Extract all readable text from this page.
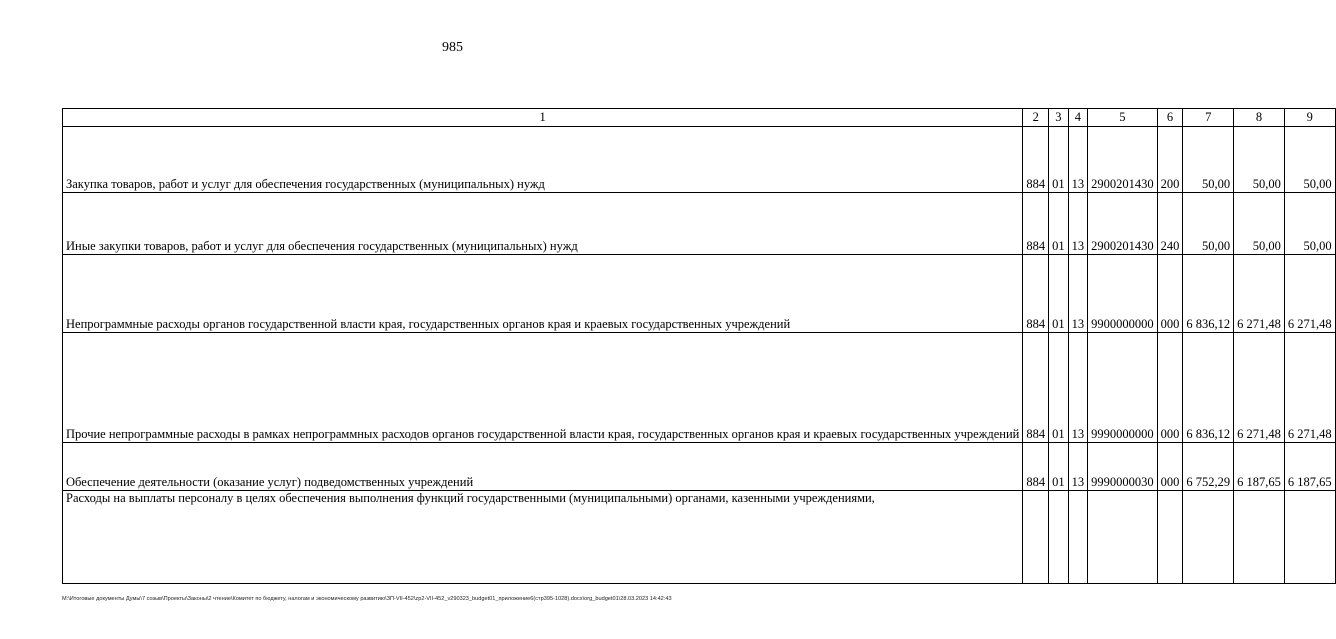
985
1	2	3	4	5	6	7	8	9
Закупка товаров, работ и услуг для обеспечения государственных (муниципальных) нужд	884	01	13	2900201430	200	50,00	50,00	50,00
Иные закупки товаров, работ и услуг для обеспечения государственных (муниципальных) нужд	884	01	13	2900201430	240	50,00	50,00	50,00
Непрограммные расходы органов государственной власти края, государственных органов края и краевых государственных учреждений	884	01	13	9900000000	000	6 836,12	6 271,48	6 271,48
Прочие непрограммные расходы в рамках непрограммных расходов органов государственной власти края, государственных органов края и краевых государственных учреждений	884	01	13	9990000000	000	6 836,12	6 271,48	6 271,48
Обеспечение деятельности (оказание услуг) подведомственных учреждений	884	01	13	9990000030	000	6 752,29	6 187,65	6 187,65
Расходы на выплаты персоналу в целях обеспечения выполнения функций государственными (муниципальными) органами, казенными учреждениями,								
M:\Итоговые документы Думы\7 созыв\Проекты\Законы\2 чтение\Комитет по бюджету, налогам и экономическому развитию\ЗП-VII-452\zp2-VII-452_v290323_budget01_приложение6(стр395-1028).docx\org_budget01\28.03.2023 14:42:43
